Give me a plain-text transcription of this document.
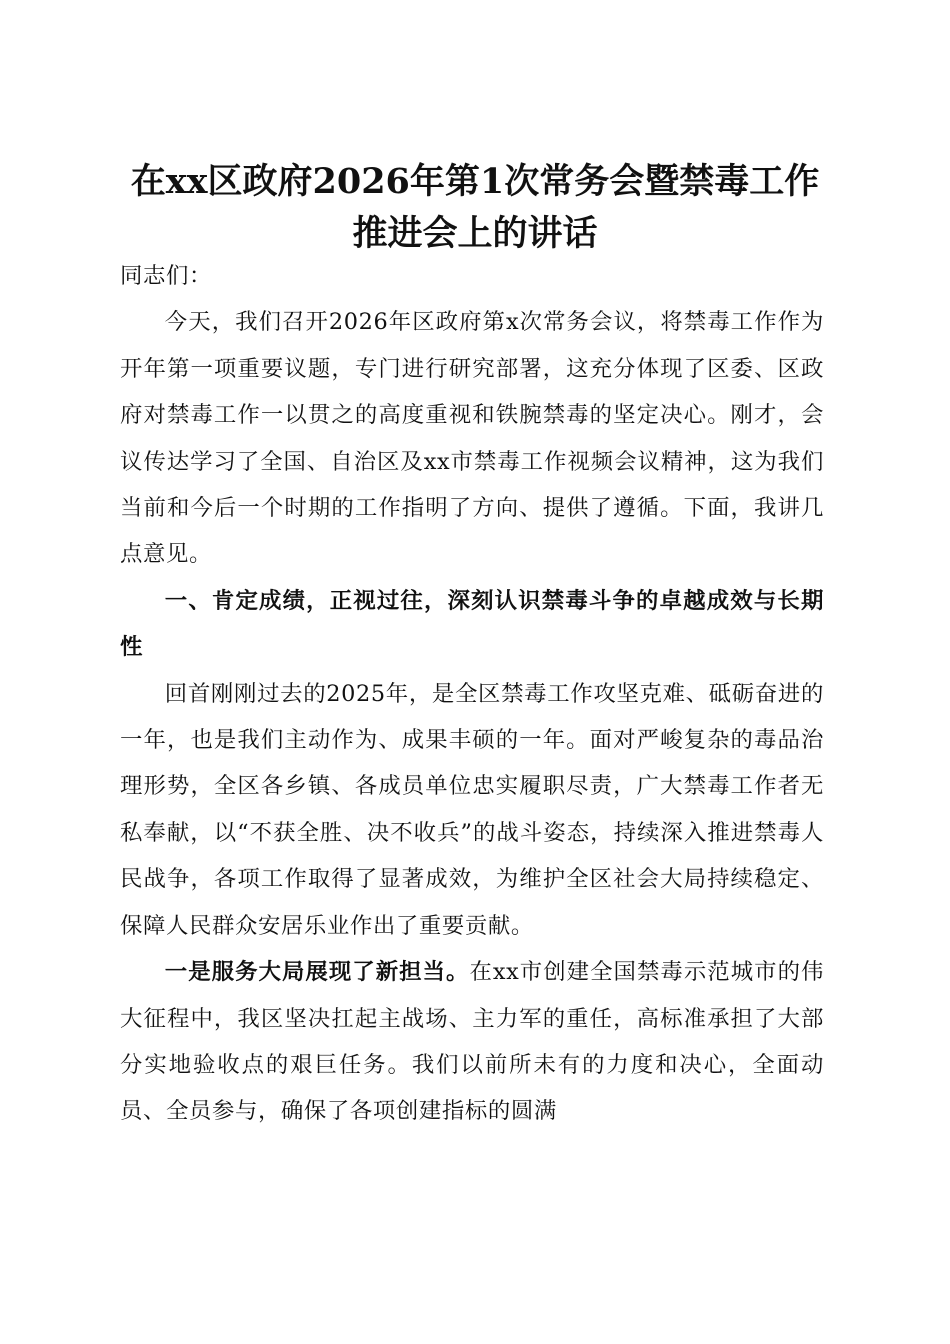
在xx区政府2026年第1次常务会暨禁毒工作
推进会上的讲话

同志们：

今天，我们召开2026年区政府第x次常务会议，将禁毒工作作为开年第一项重要议题，专门进行研究部署，这充分体现了区委、区政府对禁毒工作一以贯之的高度重视和铁腕禁毒的坚定决心。刚才，会议传达学习了全国、自治区及xx市禁毒工作视频会议精神，这为我们当前和今后一个时期的工作指明了方向、提供了遵循。下面，我讲几点意见。

一、肯定成绩，正视过往，深刻认识禁毒斗争的卓越成效与长期性

回首刚刚过去的2025年，是全区禁毒工作攻坚克难、砥砺奋进的一年，也是我们主动作为、成果丰硕的一年。面对严峻复杂的毒品治理形势，全区各乡镇、各成员单位忠实履职尽责，广大禁毒工作者无私奉献，以“不获全胜、决不收兵”的战斗姿态，持续深入推进禁毒人民战争，各项工作取得了显著成效，为维护全区社会大局持续稳定、保障人民群众安居乐业作出了重要贡献。

一是服务大局展现了新担当。在xx市创建全国禁毒示范城市的伟大征程中，我区坚决扛起主战场、主力军的重任，高标准承担了大部分实地验收点的艰巨任务。我们以前所未有的力度和决心，全面动员、全员参与，确保了各项创建指标的圆满
